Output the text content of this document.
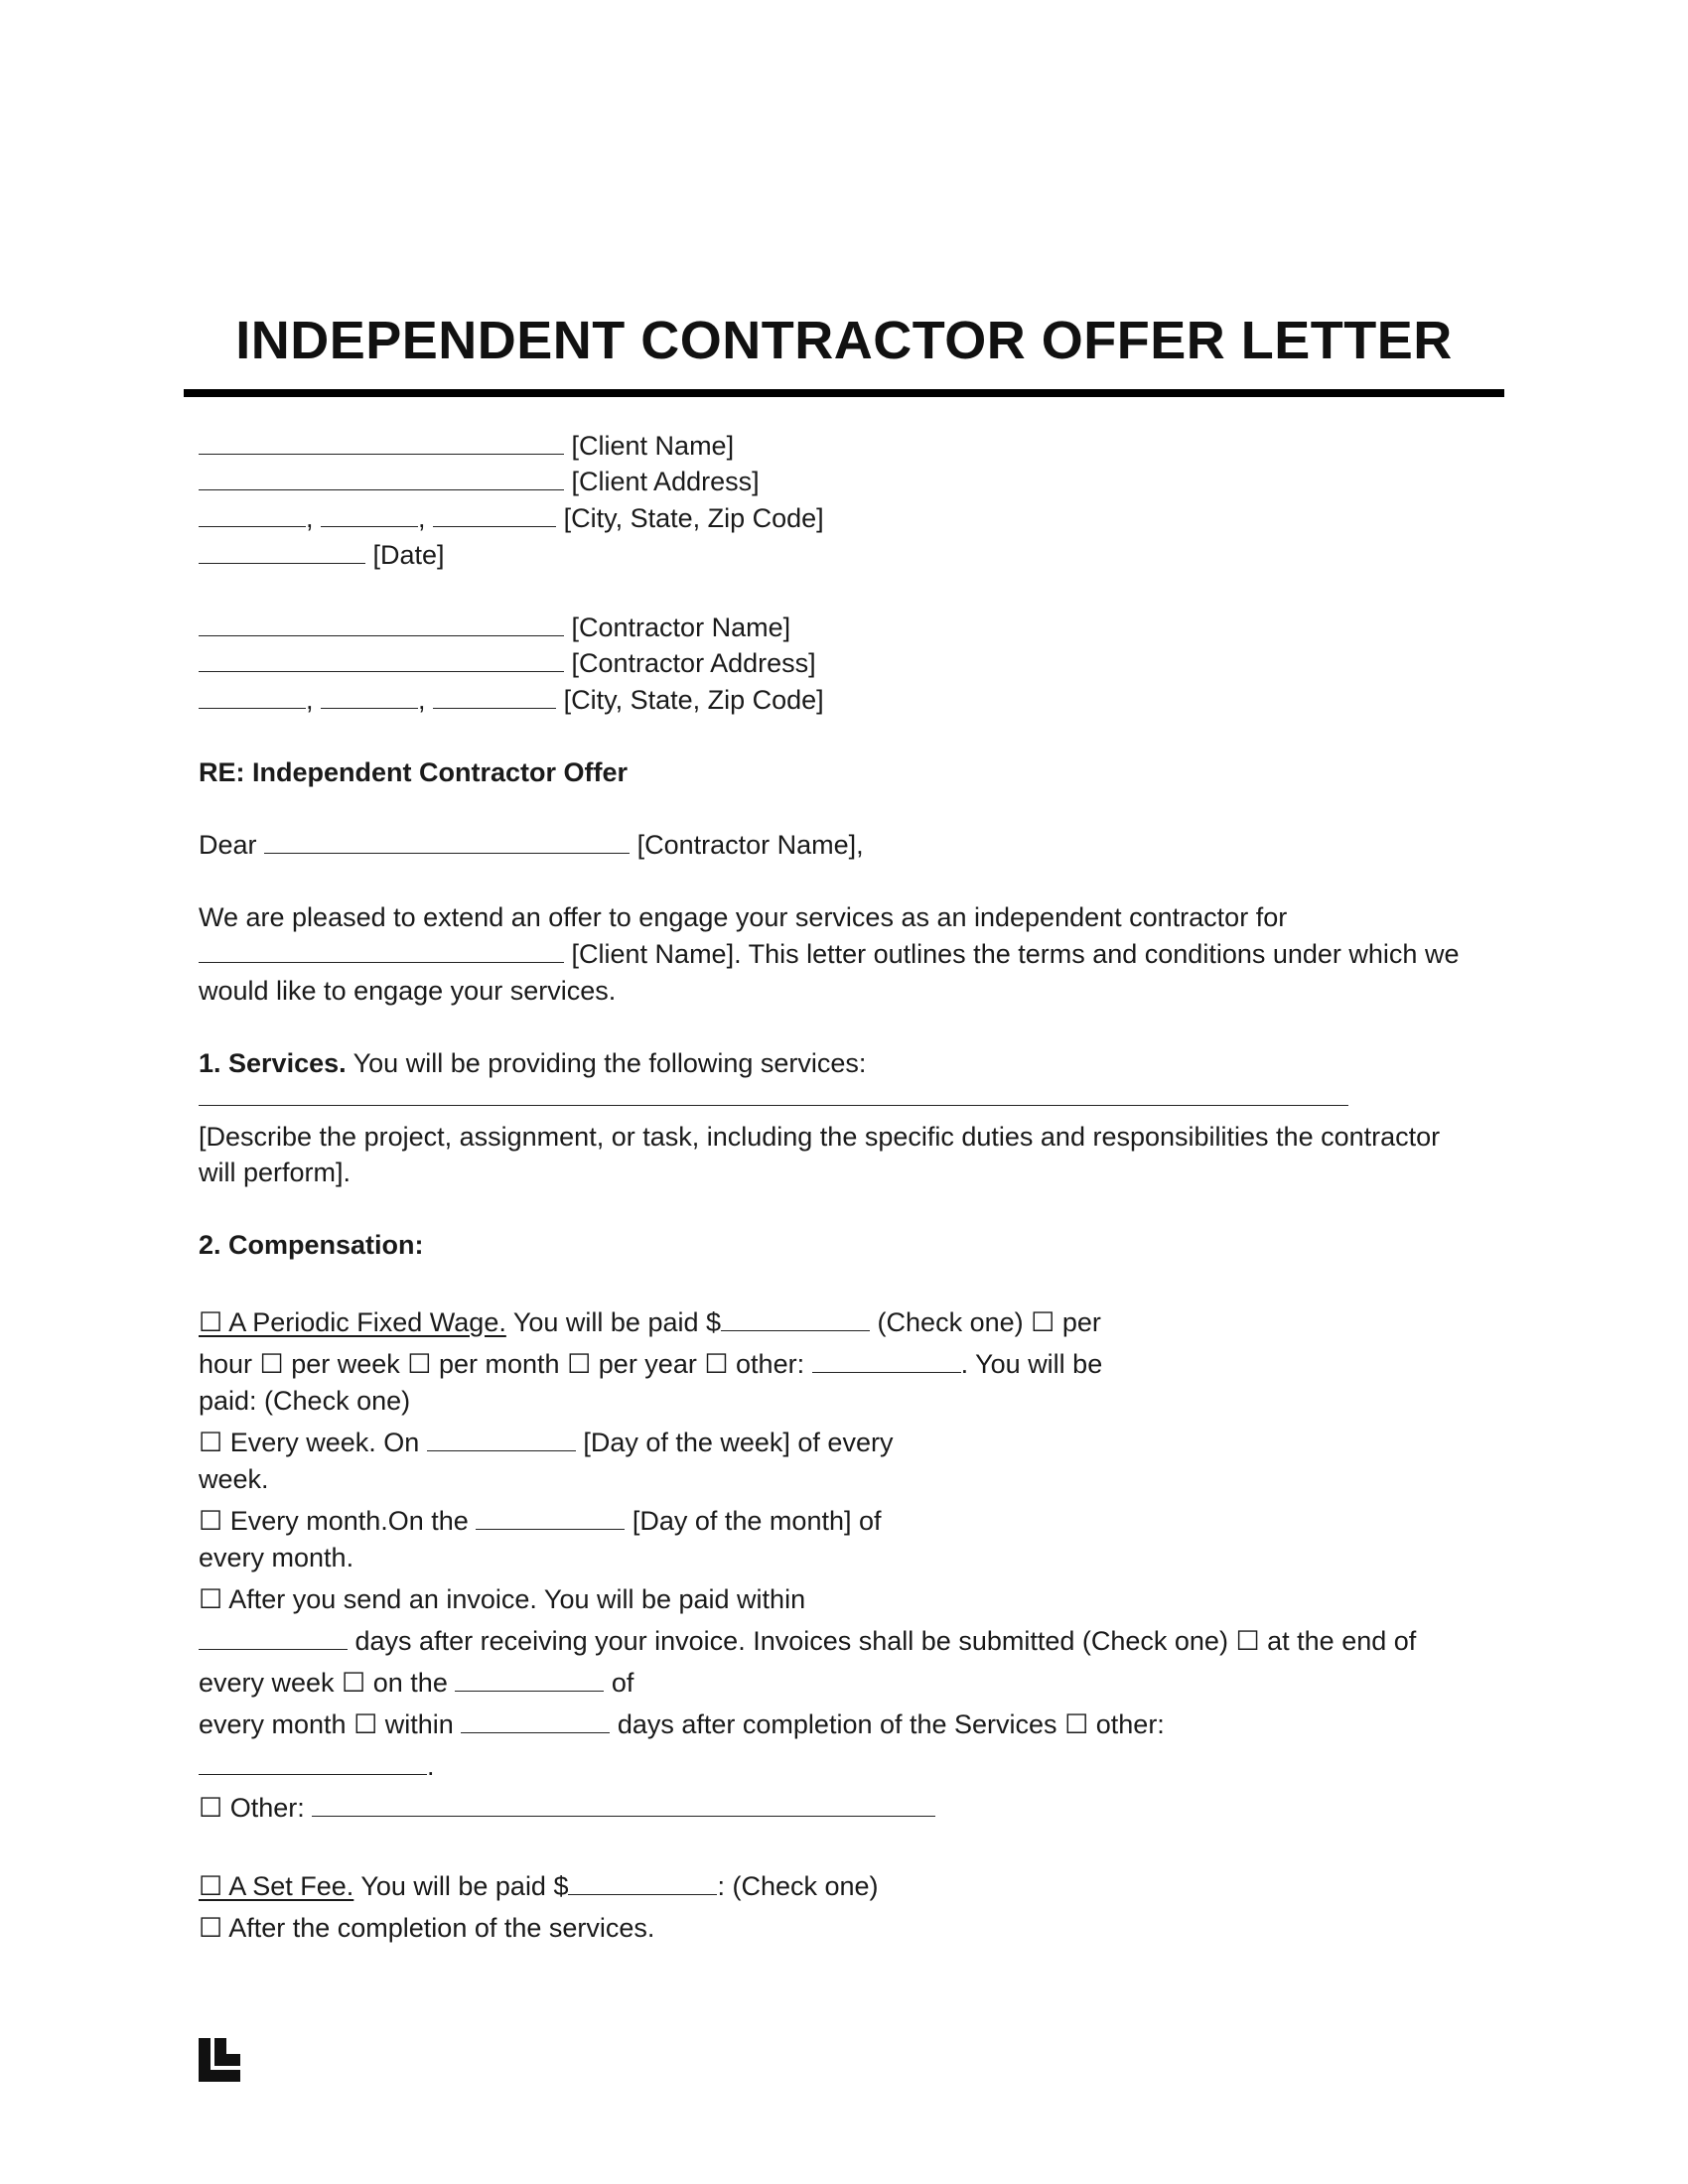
INDEPENDENT CONTRACTOR OFFER LETTER
[Client Name]
[Client Address]
,	,	[City, State, Zip Code]
[Date]
[Contractor Name]
[Contractor Address]
,	,	[City, State, Zip Code]
RE: Independent Contractor Offer
Dear	[Contractor Name],
We are pleased to extend an offer to engage your services as an independent contractor for
[Client Name]. This letter outlines the terms and conditions under which we
would like to engage your services.
1. Services. You will be providing the following services:
[Describe the project, assignment, or task, including the specific duties and responsibilities the contractor
will perform].
2. Compensation:
☐ A Periodic Fixed Wage. You will be paid $	(Check one) ☐ per
hour ☐ per week ☐ per month ☐ per year ☐ other:	. You will be
paid: (Check one)
☐ Every week. On	[Day of the week] of every
week.
☐ Every month.On the	[Day of the month] of
every month.
☐ After you send an invoice. You will be paid within
days after receiving your invoice. Invoices shall be submitted (Check one) ☐ at the end of
every week ☐ on the	of
every month ☐ within	days after completion of the Services ☐ other:
.
☐ Other:
☐ A Set Fee. You will be paid $	: (Check one)
☐ After the completion of the services.
